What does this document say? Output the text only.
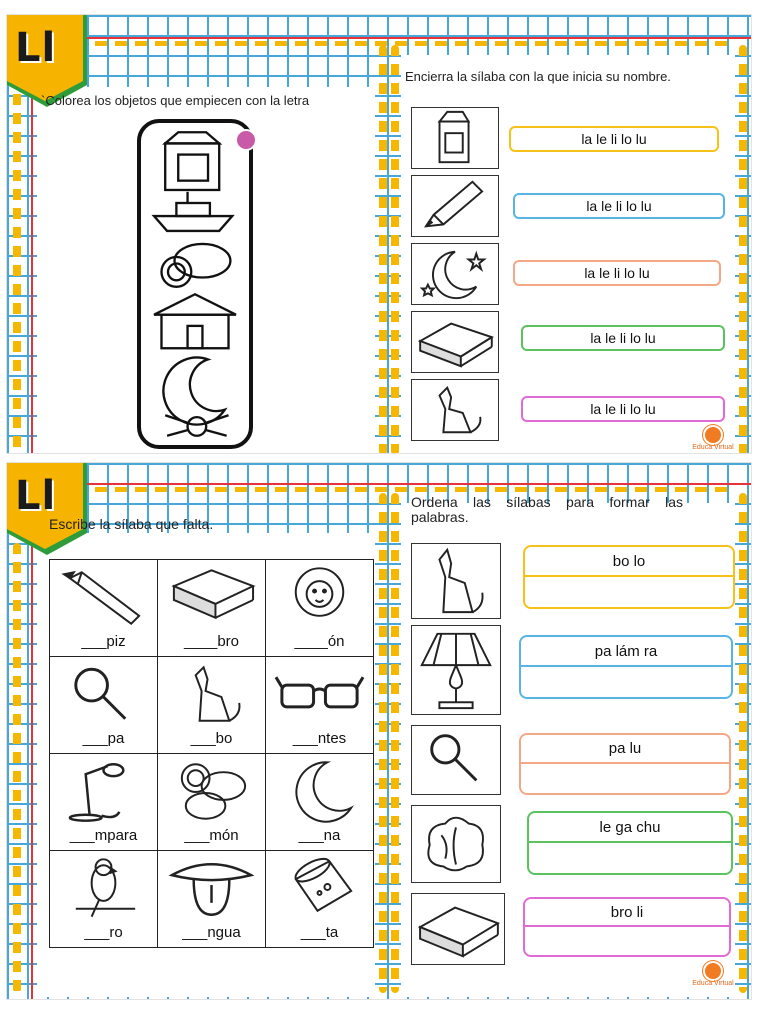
Ll
`Colorea los objetos que empiecen con la letra
Encierra la sílaba con la que inicia su nombre.
la le li lo lu
la le li lo lu
la le li lo lu
la le li lo lu
la le li lo lu
Educa Virtual
Ll
Escribe la sílaba que falta.
___piz	____bro	____ón

___pa	___bo	___ntes

___mpara	___món	___na

___ro	___ngua	___ta
Ordena las sílabas para formar las palabras.
bo lo
pa lám ra
pa lu
le ga chu
bro li
Educa Virtual
